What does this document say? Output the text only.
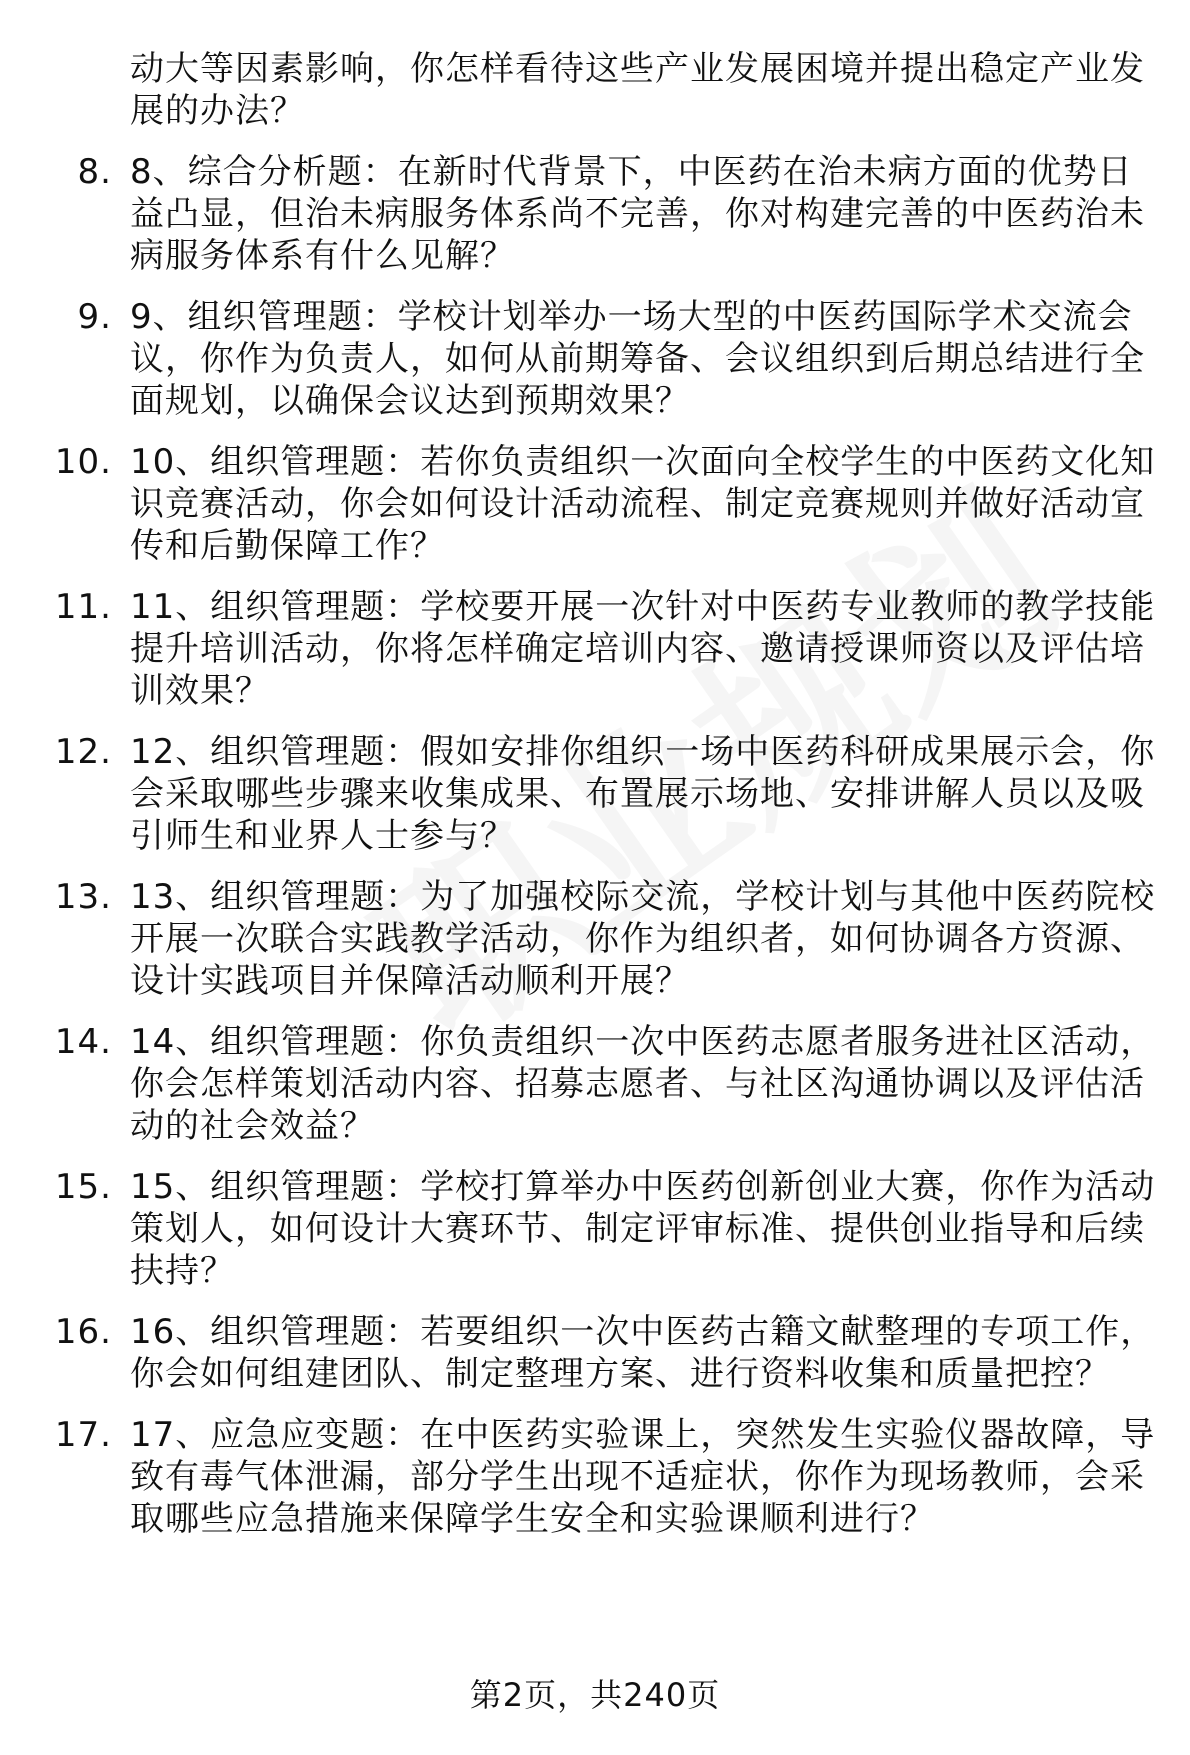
动大等因素影响，你怎样看待这些产业发展困境并提出稳定产业发展的办法？
8. 8、综合分析题：在新时代背景下，中医药在治未病方面的优势日益凸显，但治未病服务体系尚不完善，你对构建完善的中医药治未病服务体系有什么见解？
9. 9、组织管理题：学校计划举办一场大型的中医药国际学术交流会议，你作为负责人，如何从前期筹备、会议组织到后期总结进行全面规划，以确保会议达到预期效果？
10. 10、组织管理题：若你负责组织一次面向全校学生的中医药文化知识竞赛活动，你会如何设计活动流程、制定竞赛规则并做好活动宣传和后勤保障工作？
11. 11、组织管理题：学校要开展一次针对中医药专业教师的教学技能提升培训活动，你将怎样确定培训内容、邀请授课师资以及评估培训效果？
12. 12、组织管理题：假如安排你组织一场中医药科研成果展示会，你会采取哪些步骤来收集成果、布置展示场地、安排讲解人员以及吸引师生和业界人士参与？
13. 13、组织管理题：为了加强校际交流，学校计划与其他中医药院校开展一次联合实践教学活动，你作为组织者，如何协调各方资源、设计实践项目并保障活动顺利开展？
14. 14、组织管理题：你负责组织一次中医药志愿者服务进社区活动，你会怎样策划活动内容、招募志愿者、与社区沟通协调以及评估活动的社会效益？
15. 15、组织管理题：学校打算举办中医药创新创业大赛，你作为活动策划人，如何设计大赛环节、制定评审标准、提供创业指导和后续扶持？
16. 16、组织管理题：若要组织一次中医药古籍文献整理的专项工作，你会如何组建团队、制定整理方案、进行资料收集和质量把控？
17. 17、应急应变题：在中医药实验课上，突然发生实验仪器故障，导致有毒气体泄漏，部分学生出现不适症状，你作为现场教师，会采取哪些应急措施来保障学生安全和实验课顺利进行？
第2页，共240页
